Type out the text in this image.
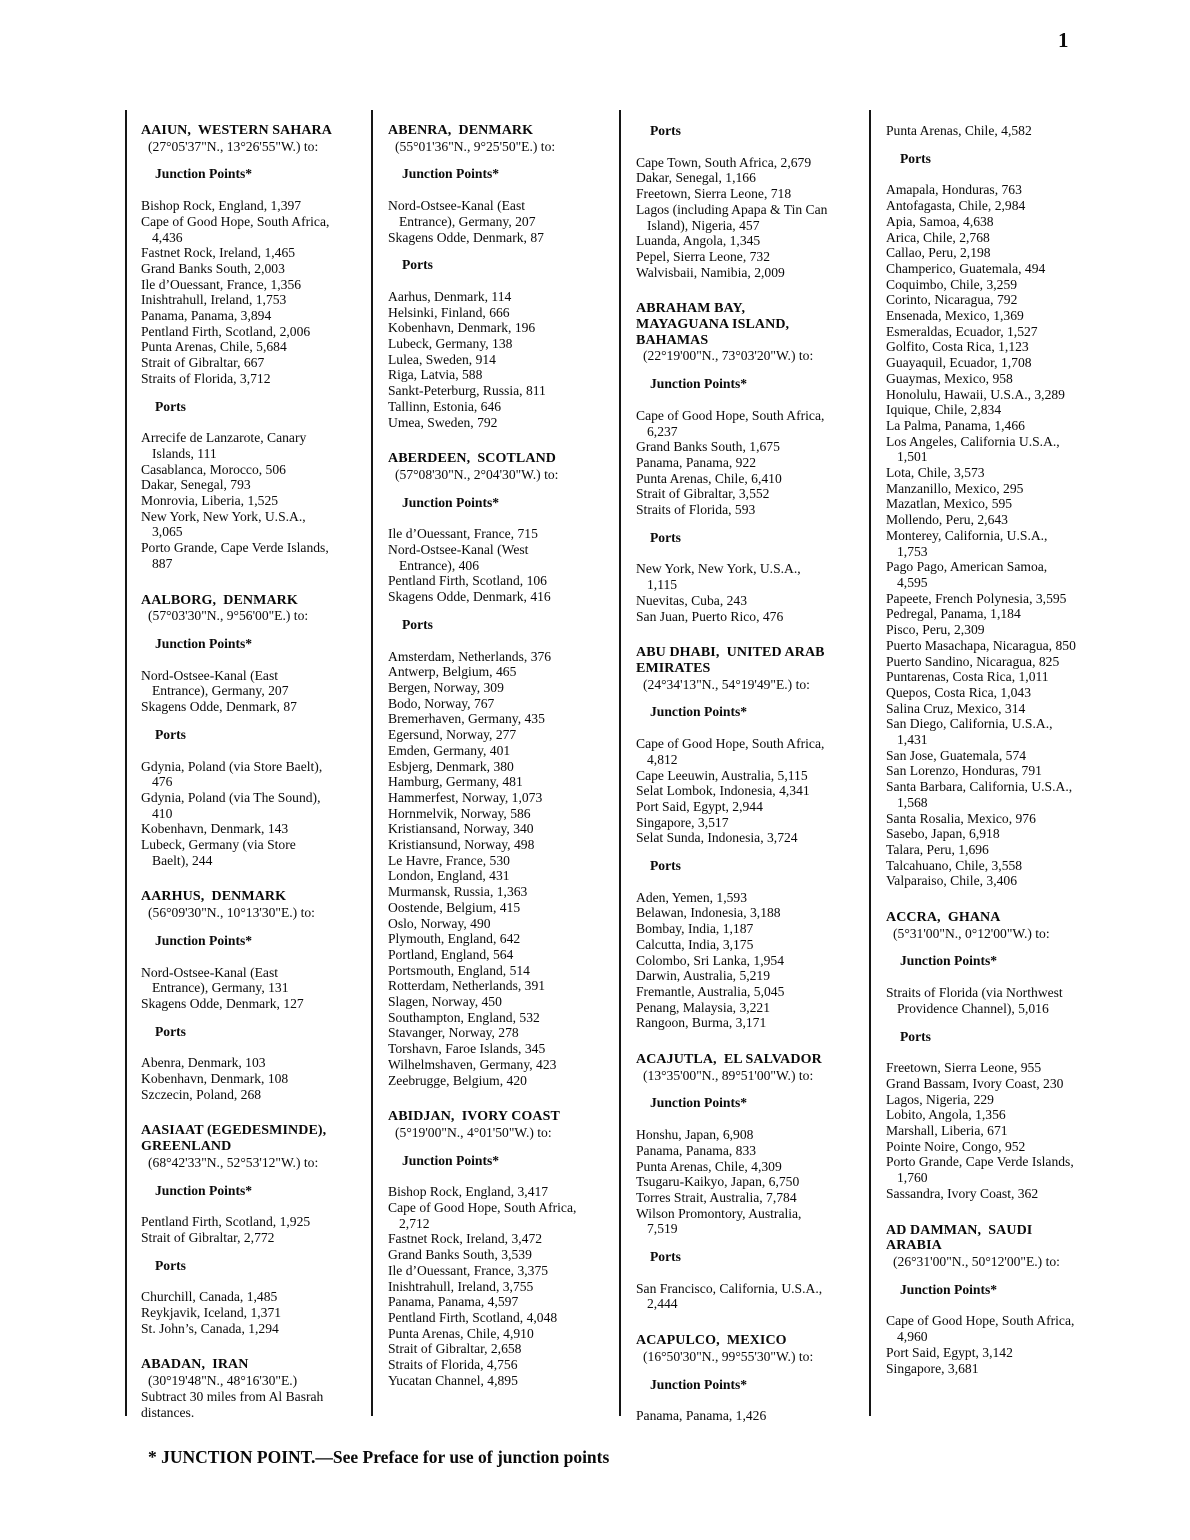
1
AAIUN,  WESTERN SAHARA
(27°05'37"N., 13°26'55"W.) to:
Junction Points*
Bishop Rock, England, 1,397
Cape of Good Hope, South Africa,
4,436
Fastnet Rock, Ireland, 1,465
Grand Banks South, 2,003
Ile d’Ouessant, France, 1,356
Inishtrahull, Ireland, 1,753
Panama, Panama, 3,894
Pentland Firth, Scotland, 2,006
Punta Arenas, Chile, 5,684
Strait of Gibraltar, 667
Straits of Florida, 3,712
Ports
Arrecife de Lanzarote, Canary
Islands, 111
Casablanca, Morocco, 506
Dakar, Senegal, 793
Monrovia, Liberia, 1,525
New York, New York, U.S.A.,
3,065
Porto Grande, Cape Verde Islands,
887
AALBORG,  DENMARK
(57°03'30"N., 9°56'00"E.) to:
Junction Points*
Nord-Ostsee-Kanal (East
Entrance), Germany, 207
Skagens Odde, Denmark, 87
Ports
Gdynia, Poland (via Store Baelt),
476
Gdynia, Poland (via The Sound),
410
Kobenhavn, Denmark, 143
Lubeck, Germany (via Store
Baelt), 244
AARHUS,  DENMARK
(56°09'30"N., 10°13'30"E.) to:
Junction Points*
Nord-Ostsee-Kanal (East
Entrance), Germany, 131
Skagens Odde, Denmark, 127
Ports
Abenra, Denmark, 103
Kobenhavn, Denmark, 108
Szczecin, Poland, 268
AASIAAT (EGEDESMINDE),
GREENLAND
(68°42'33"N., 52°53'12"W.) to:
Junction Points*
Pentland Firth, Scotland, 1,925
Strait of Gibraltar, 2,772
Ports
Churchill, Canada, 1,485
Reykjavik, Iceland, 1,371
St. John’s, Canada, 1,294
ABADAN,  IRAN
(30°19'48"N., 48°16'30"E.)
Subtract 30 miles from Al Basrah
distances.
ABENRA,  DENMARK
(55°01'36"N., 9°25'50"E.) to:
Junction Points*
Nord-Ostsee-Kanal (East
Entrance), Germany, 207
Skagens Odde, Denmark, 87
Ports
Aarhus, Denmark, 114
Helsinki, Finland, 666
Kobenhavn, Denmark, 196
Lubeck, Germany, 138
Lulea, Sweden, 914
Riga, Latvia, 588
Sankt-Peterburg, Russia, 811
Tallinn, Estonia, 646
Umea, Sweden, 792
ABERDEEN,  SCOTLAND
(57°08'30"N., 2°04'30"W.) to:
Junction Points*
Ile d’Ouessant, France, 715
Nord-Ostsee-Kanal (West
Entrance), 406
Pentland Firth, Scotland, 106
Skagens Odde, Denmark, 416
Ports
Amsterdam, Netherlands, 376
Antwerp, Belgium, 465
Bergen, Norway, 309
Bodo, Norway, 767
Bremerhaven, Germany, 435
Egersund, Norway, 277
Emden, Germany, 401
Esbjerg, Denmark, 380
Hamburg, Germany, 481
Hammerfest, Norway, 1,073
Hornmelvik, Norway, 586
Kristiansand, Norway, 340
Kristiansund, Norway, 498
Le Havre, France, 530
London, England, 431
Murmansk, Russia, 1,363
Oostende, Belgium, 415
Oslo, Norway, 490
Plymouth, England, 642
Portland, England, 564
Portsmouth, England, 514
Rotterdam, Netherlands, 391
Slagen, Norway, 450
Southampton, England, 532
Stavanger, Norway, 278
Torshavn, Faroe Islands, 345
Wilhelmshaven, Germany, 423
Zeebrugge, Belgium, 420
ABIDJAN,  IVORY COAST
(5°19'00"N., 4°01'50"W.) to:
Junction Points*
Bishop Rock, England, 3,417
Cape of Good Hope, South Africa,
2,712
Fastnet Rock, Ireland, 3,472
Grand Banks South, 3,539
Ile d’Ouessant, France, 3,375
Inishtrahull, Ireland, 3,755
Panama, Panama, 4,597
Pentland Firth, Scotland, 4,048
Punta Arenas, Chile, 4,910
Strait of Gibraltar, 2,658
Straits of Florida, 4,756
Yucatan Channel, 4,895
Ports
Cape Town, South Africa, 2,679
Dakar, Senegal, 1,166
Freetown, Sierra Leone, 718
Lagos (including Apapa & Tin Can
Island), Nigeria, 457
Luanda, Angola, 1,345
Pepel, Sierra Leone, 732
Walvisbaii, Namibia, 2,009
ABRAHAM BAY,
MAYAGUANA ISLAND,
BAHAMAS
(22°19'00"N., 73°03'20"W.) to:
Junction Points*
Cape of Good Hope, South Africa,
6,237
Grand Banks South, 1,675
Panama, Panama, 922
Punta Arenas, Chile, 6,410
Strait of Gibraltar, 3,552
Straits of Florida, 593
Ports
New York, New York, U.S.A.,
1,115
Nuevitas, Cuba, 243
San Juan, Puerto Rico, 476
ABU DHABI,  UNITED ARAB
EMIRATES
(24°34'13"N., 54°19'49"E.) to:
Junction Points*
Cape of Good Hope, South Africa,
4,812
Cape Leeuwin, Australia, 5,115
Selat Lombok, Indonesia, 4,341
Port Said, Egypt, 2,944
Singapore, 3,517
Selat Sunda, Indonesia, 3,724
Ports
Aden, Yemen, 1,593
Belawan, Indonesia, 3,188
Bombay, India, 1,187
Calcutta, India, 3,175
Colombo, Sri Lanka, 1,954
Darwin, Australia, 5,219
Fremantle, Australia, 5,045
Penang, Malaysia, 3,221
Rangoon, Burma, 3,171
ACAJUTLA,  EL SALVADOR
(13°35'00"N., 89°51'00"W.) to:
Junction Points*
Honshu, Japan, 6,908
Panama, Panama, 833
Punta Arenas, Chile, 4,309
Tsugaru-Kaikyo, Japan, 6,750
Torres Strait, Australia, 7,784
Wilson Promontory, Australia,
7,519
Ports
San Francisco, California, U.S.A.,
2,444
ACAPULCO,  MEXICO
(16°50'30"N., 99°55'30"W.) to:
Junction Points*
Panama, Panama, 1,426
Punta Arenas, Chile, 4,582
Ports
Amapala, Honduras, 763
Antofagasta, Chile, 2,984
Apia, Samoa, 4,638
Arica, Chile, 2,768
Callao, Peru, 2,198
Champerico, Guatemala, 494
Coquimbo, Chile, 3,259
Corinto, Nicaragua, 792
Ensenada, Mexico, 1,369
Esmeraldas, Ecuador, 1,527
Golfito, Costa Rica, 1,123
Guayaquil, Ecuador, 1,708
Guaymas, Mexico, 958
Honolulu, Hawaii, U.S.A., 3,289
Iquique, Chile, 2,834
La Palma, Panama, 1,466
Los Angeles, California U.S.A.,
1,501
Lota, Chile, 3,573
Manzanillo, Mexico, 295
Mazatlan, Mexico, 595
Mollendo, Peru, 2,643
Monterey, California, U.S.A.,
1,753
Pago Pago, American Samoa,
4,595
Papeete, French Polynesia, 3,595
Pedregal, Panama, 1,184
Pisco, Peru, 2,309
Puerto Masachapa, Nicaragua, 850
Puerto Sandino, Nicaragua, 825
Puntarenas, Costa Rica, 1,011
Quepos, Costa Rica, 1,043
Salina Cruz, Mexico, 314
San Diego, California, U.S.A.,
1,431
San Jose, Guatemala, 574
San Lorenzo, Honduras, 791
Santa Barbara, California, U.S.A.,
1,568
Santa Rosalia, Mexico, 976
Sasebo, Japan, 6,918
Talara, Peru, 1,696
Talcahuano, Chile, 3,558
Valparaiso, Chile, 3,406
ACCRA,  GHANA
(5°31'00"N., 0°12'00"W.) to:
Junction Points*
Straits of Florida (via Northwest
Providence Channel), 5,016
Ports
Freetown, Sierra Leone, 955
Grand Bassam, Ivory Coast, 230
Lagos, Nigeria, 229
Lobito, Angola, 1,356
Marshall, Liberia, 671
Pointe Noire, Congo, 952
Porto Grande, Cape Verde Islands,
1,760
Sassandra, Ivory Coast, 362
AD DAMMAN,  SAUDI
ARABIA
(26°31'00"N., 50°12'00"E.) to:
Junction Points*
Cape of Good Hope, South Africa,
4,960
Port Said, Egypt, 3,142
Singapore, 3,681
* JUNCTION POINT.—See Preface for use of junction points
